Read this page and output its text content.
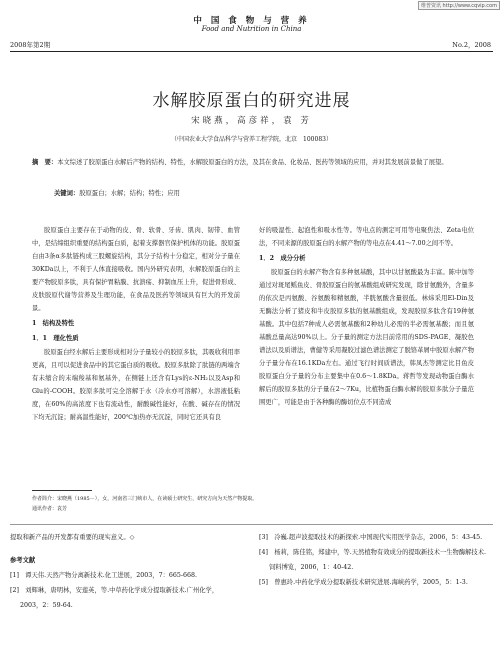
维普资讯 http://www.cqvip.com
中 国 食 物 与 营 养
Food and Nutrition in China
2008年第2期	No.2，2008
水解胶原蛋白的研究进展
宋晓燕，高彦祥，袁 芳
（中国农业大学食品科学与营养工程学院，北京　100083）
摘　要：本文综述了胶原蛋白水解后产物的结构、特性，水解胶原蛋白的方法，及其在食品、化妆品、医药等领域的应用，并对其发展前景做了展望。
关键词：胶原蛋白；水解；结构；特性；应用

胶原蛋白主要存在于动物的皮、骨、软骨、牙齿、肌肉、韧带、血管中，是结缔组织重要的结构蛋白质，起着支撑器官保护机体的功能。胶原蛋白由3条α多肽链构成三股螺旋结构，其分子结构十分稳定，相对分子量在30KDa以上，不利于人体直接吸收。国内外研究表明，水解胶原蛋白的主要产物胶原多肽，具有保护胃粘膜、抗溃疡、抑制血压上升，促进骨形成、皮肤胶原代谢等营养及生理功能，在食品及医药等领域具有巨大的开发前景。

1　结构及特性
1．1　理化性质

胶原蛋白经水解后主要形成相对分子量较小的胶原多肽，其吸收利用率更高，且可以促进食品中的其它蛋白质的吸收。胶原多肽除了肽链的两端含有未缩合的末端羧基和氨基外，在侧链上还含有Lys的ε-NH₂以及Asp和Glu的-COOH。胶原多肽可完全溶解于水（冷水亦可溶解），水溶液低粘度，在60%的高浓度下也有流动性，耐酸碱性能好，在酸、碱存在的情况下均无沉淀；耐高温性能好，200℃加热亦无沉淀，同时它还具有良

好的吸湿性、起泡性和吸水性等。等电点的测定可用等电聚焦法、Zeta电位法，不同来源的胶原蛋白的水解产物的等电点在4.41～7.00之间不等。

1．2　成分分析

胶原蛋白的水解产物含有多种氨基酸，其中以甘氨酸最为丰富。陈中加等通过对斑尾鳐鱼皮、骨胶原蛋白的氨基酸组成研究发现，除甘氨酸外，含量多的依次是丙氨酸、谷氨酸和精氨酸，半胱氨酸含量很低。林炜采用El-Din及无酶法分析了猪皮和牛皮胶原多肽的氨基酸组成，发现胶原多肽含有19种氨基酸。其中包括7种成人必需氨基酸和2种幼儿必需的半必需氨基酸；而且氨基酸总量高达90%以上。分子量的测定方法目前常用的SDS-PAGE、凝胶色谱法以及质谱法，曹健等采用凝胶过滤色谱法测定了脱铬革屑中胶原水解产物分子量分布在16.1KDa左右。通过飞行时间质谱法，韩凤杰等测定比目鱼皮胶原蛋白分子量的分布主要集中在0.6～1.8KDa。蒋哲等发现动物蛋白酶水解后的胶原多肽的分子量在2～7Ku，比植物蛋白酶水解的胶原多肽分子量范围更广，可能是由于各种酶的酶切位点不同造成

作者简介：宋晓燕（1985－），女，河南省三门峡市人，在读硕士研究生，研究方向为天然产物提取。
通讯作者：袁芳
提取和新产品的开发都有重要的现实意义。◇
参考文献

[1]　谭天伟.天然产物分离新技术.化工进展，2003，7：665-668.

[2]　刘辉琳，唐明林，安莲英，等.中草药化学成分提取新技术.广州化学，2003，2：59-64.

[3]　冷巍.超声波提取技术的新探索.中国现代实用医学杂志，2006，5：43-45.

[4]　杨莉，陈佳铭，郑建中，等.天然植物有效成分的提取新技术一生物酶解技术.饲料博览，2006，1：40-42.

[5]　曾惠玲.中药化学成分提取新技术研究进展.海峡药学，2005，5：1-3.
